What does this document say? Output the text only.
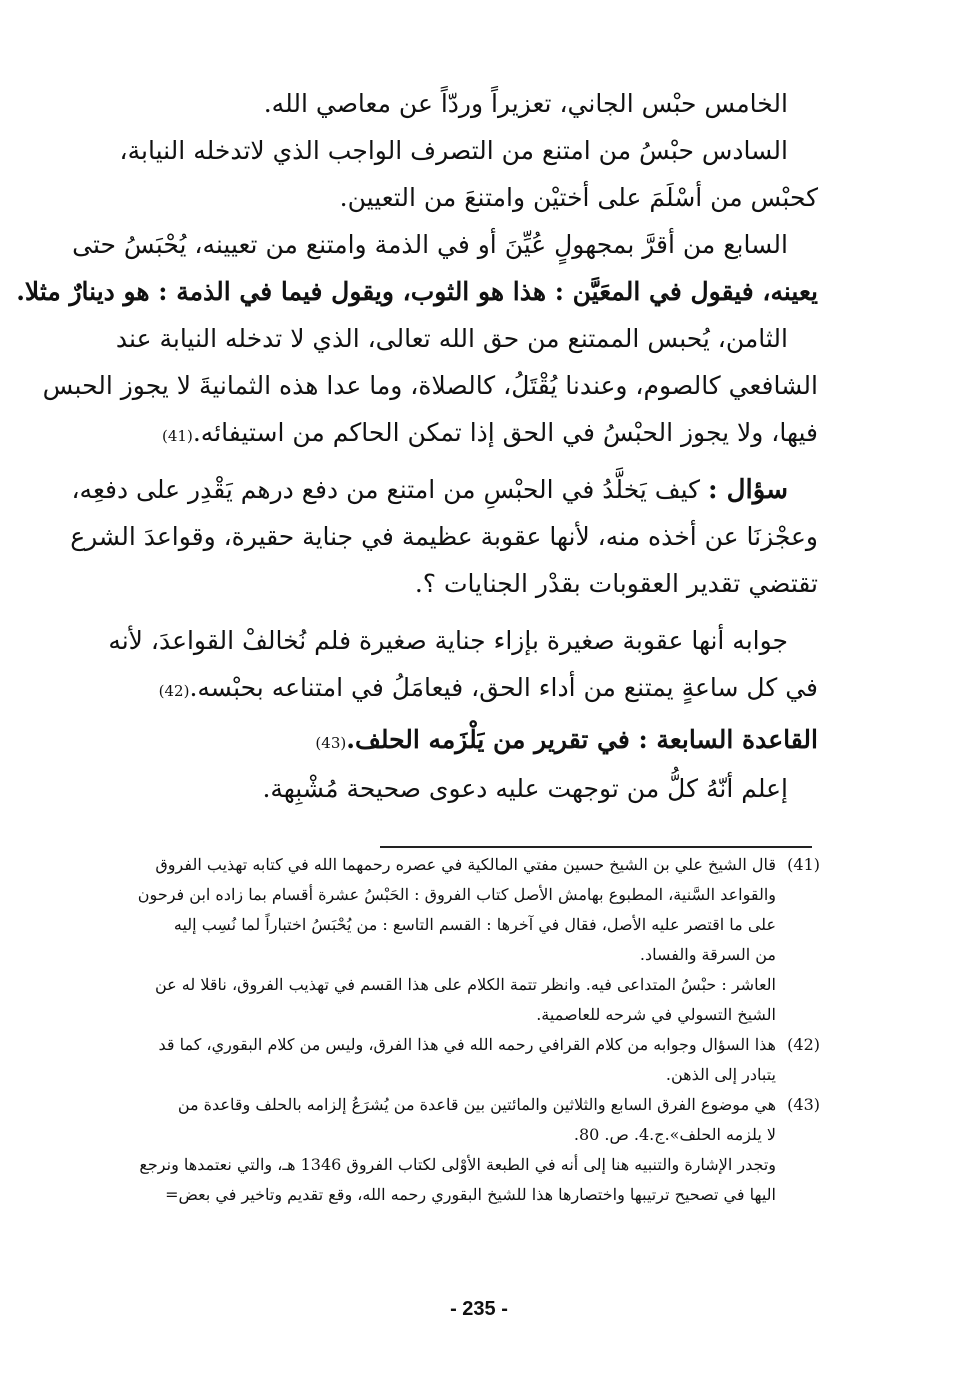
الخامس حبْس الجاني، تعزيراً وردّاً عن معاصي الله.
السادس حبْسُ من امتنع من التصرف الواجب الذي لاتدخله النيابة،
كحبْس من أسْلَمَ على أختيْن وامتنعَ من التعيين.
السابع من أقرَّ بمجهولٍ عُيِّنَ أو في الذمة وامتنع من تعيينه، يُحْبَسُ حتى
يعينه، فيقول في المعَيَّن : هذا هو الثوب، ويقول فيما في الذمة : هو دينارٌ مثلا.
الثامن، يُحبس الممتنع من حق الله تعالى، الذي لا تدخله النيابة عند
الشافعي كالصوم، وعندنا يُقْتَلُ، كالصلاة، وما عدا هذه الثمانيةَ لا يجوز الحبس
فيها، ولا يجوز الحبْسُ في الحق إذا تمكن الحاكم من استيفائه.(41)
سؤال : كيف يَخلَّدُ في الحبْسِ من امتنع من دفع درهم يَقْدِر على دفعِه،
وعجْزنَا عن أخذه منه، لأنها عقوبة عظيمة في جناية حقيرة، وقواعدَ الشرع
تقتضي تقدير العقوبات بقدْر الجنايات ؟.
جوابه أنها عقوبة صغيرة بإزاء جناية صغيرة فلم نُخالفْ القواعدَ، لأنه
في كل ساعةٍ يمتنع من أداء الحق، فيعامَلُ في امتناعه بحبْسه.(42)
القاعدة السابعة : في تقرير من يَلْزَمه الحلف.(43)
إعلم أنّهُ كلُّ من توجهت عليه دعوى صحيحة مُشْبِهة.
(41)
قال الشيخ علي بن الشيخ حسين مفتي المالكية في عصره رحمهما الله في كتابه تهذيب الفروق
والقواعد السَّنية، المطبوع بهامش الأصل كتاب الفروق : الحَبْسُ عشرة أقسام بما زاده ابن فرحون
على ما اقتصر عليه الأصل، فقال في آخرها : القسم التاسع : من يُحْبَسُ اختباراً لما نُسِب إليه
من السرقة والفساد.
العاشر : حبْسُ المتداعى فيه. وانظر تتمة الكلام على هذا القسم في تهذيب الفروق، ناقلا له عن
الشيخ التسولي في شرحه للعاصمية.
(42)
هذا السؤال وجوابه من كلام القرافي رحمه الله في هذا الفرق، وليس من كلام البقوري، كما قد
يتبادر إلى الذهن.
(43)
هي موضوع الفرق السابع والثلاثين والمائتين بين قاعدة من يُشرَعُ إلزامه بالحلف وقاعدة من
لا يلزمه الحلف».ج.4. ص. 80.
وتجدر الإشارة والتنبيه هنا إلى أنه في الطبعة الأوْلى لكتاب الفروق 1346 هـ، والتي نعتمدها ونرجع
اليها في تصحيح ترتيبها واختصارها هذا للشيخ البقوري رحمه الله، وقع تقديم وتاخير في بعض=
- 235 -
